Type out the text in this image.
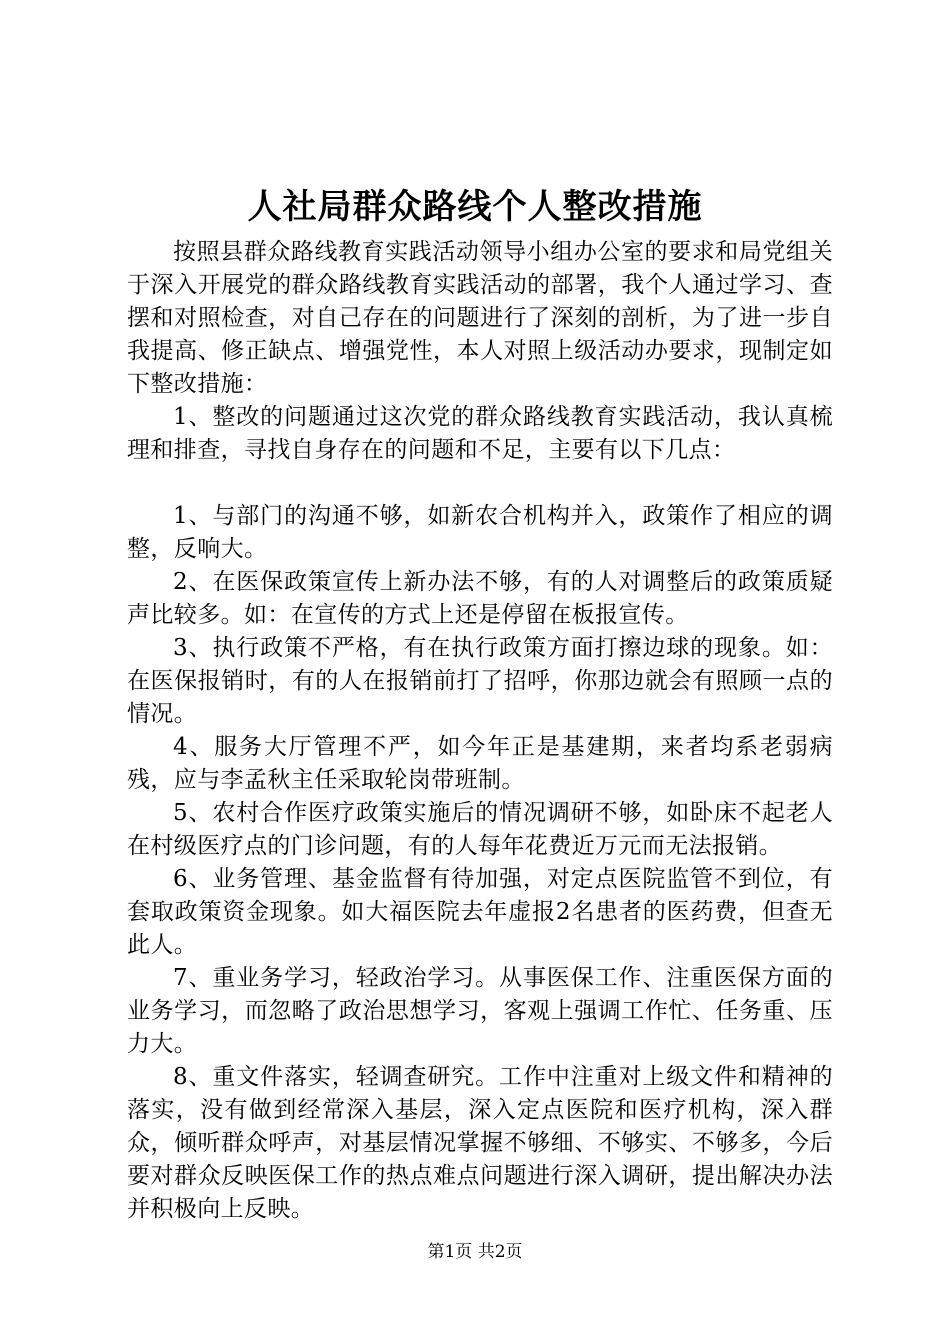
人社局群众路线个人整改措施

按照县群众路线教育实践活动领导小组办公室的要求和局党组关于深入开展党的群众路线教育实践活动的部署，我个人通过学习、查摆和对照检查，对自己存在的问题进行了深刻的剖析，为了进一步自我提高、修正缺点、增强党性，本人对照上级活动办要求，现制定如下整改措施：

1、整改的问题通过这次党的群众路线教育实践活动，我认真梳理和排查，寻找自身存在的问题和不足，主要有以下几点：

1、与部门的沟通不够，如新农合机构并入，政策作了相应的调整，反响大。

2、在医保政策宣传上新办法不够，有的人对调整后的政策质疑声比较多。如：在宣传的方式上还是停留在板报宣传。

3、执行政策不严格，有在执行政策方面打擦边球的现象。如：在医保报销时，有的人在报销前打了招呼，你那边就会有照顾一点的情况。

4、服务大厅管理不严，如今年正是基建期，来者均系老弱病残，应与李孟秋主任采取轮岗带班制。

5、农村合作医疗政策实施后的情况调研不够，如卧床不起老人在村级医疗点的门诊问题，有的人每年花费近万元而无法报销。

6、业务管理、基金监督有待加强，对定点医院监管不到位，有套取政策资金现象。如大福医院去年虚报2名患者的医药费，但查无此人。

7、重业务学习，轻政治学习。从事医保工作、注重医保方面的业务学习，而忽略了政治思想学习，客观上强调工作忙、任务重、压力大。

8、重文件落实，轻调查研究。工作中注重对上级文件和精神的落实，没有做到经常深入基层，深入定点医院和医疗机构，深入群众，倾听群众呼声，对基层情况掌握不够细、不够实、不够多，今后要对群众反映医保工作的热点难点问题进行深入调研，提出解决办法并积极向上反映。

第1页 共2页
